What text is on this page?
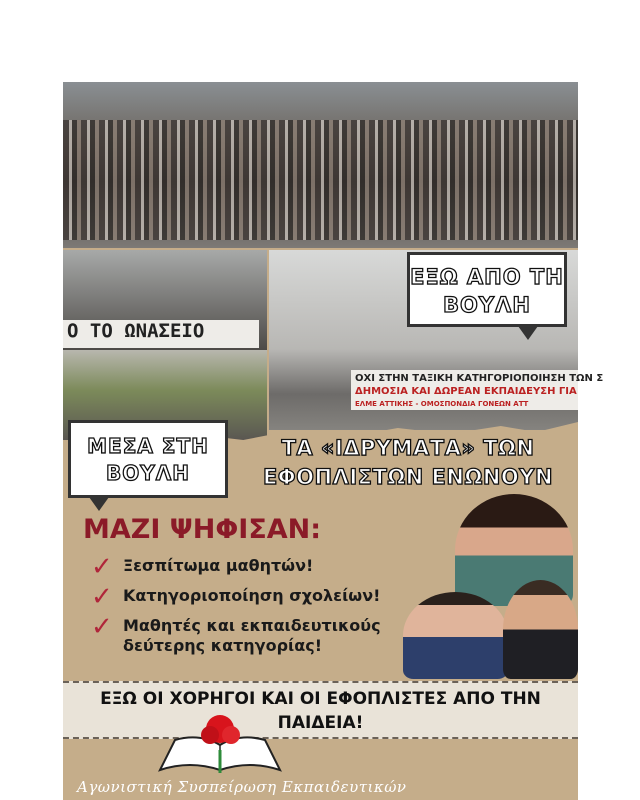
Ο ΤΟ ΩΝΑΣΕΙΟ
ΟΧΙ ΣΤΗΝ ΤΑΞΙΚΗ ΚΑΤΗΓΟΡΙΟΠΟΙΗΣΗ ΤΩΝ Σ
ΔΗΜΟΣΙΑ ΚΑΙ ΔΩΡΕΑΝ ΕΚΠΑΙΔΕΥΣΗ ΓΙΑ
ΕΛΜΕ ΑΤΤΙΚΗΣ - ΟΜΟΣΠΟΝΔΙΑ ΓΟΝΕΩΝ ΑΤΤ
ΕΞΩ ΑΠΟ ΤΗ ΒΟΥΛΗ
ΜΕΣΑ ΣΤΗ ΒΟΥΛΗ
ΤΑ «ΙΔΡΥΜΑΤΑ» ΤΩΝ ΕΦΟΠΛΙΣΤΩΝ ΕΝΩΝΟΥΝ
ΜΑΖΙ ΨΗΦΙΣΑΝ:
✓ Ξεσπίτωμα μαθητών!
✓ Κατηγοριοποίηση σχολείων!
✓ Μαθητές και εκπαιδευτικούς δεύτερης κατηγορίας!
ΕΞΩ ΟΙ ΧΟΡΗΓΟΙ ΚΑΙ ΟΙ ΕΦΟΠΛΙΣΤΕΣ ΑΠΟ ΤΗΝ ΠΑΙΔΕΙΑ!
Αγωνιστική Συσπείρωση Εκπαιδευτικών
